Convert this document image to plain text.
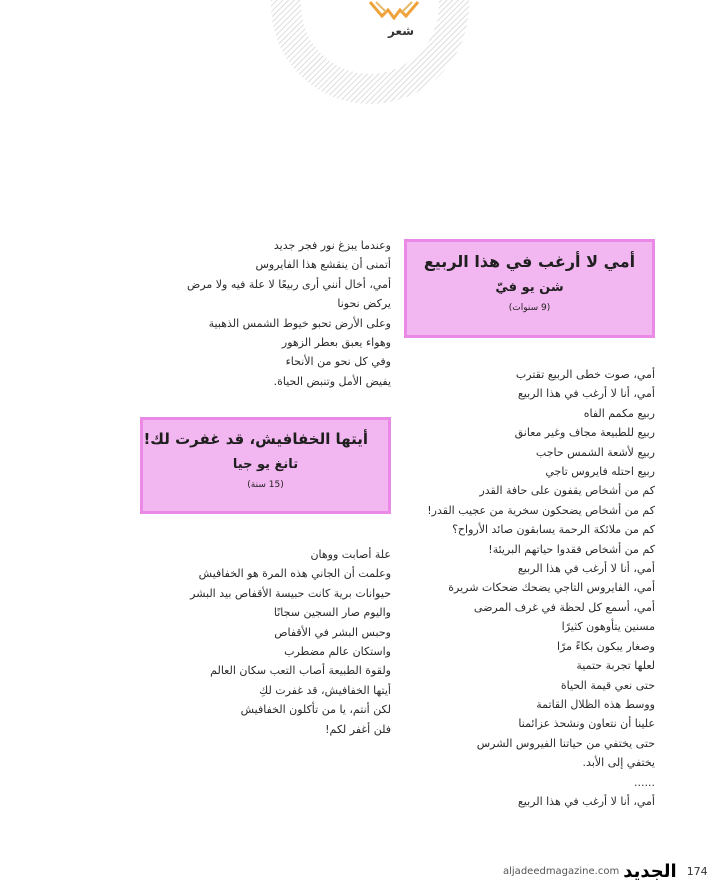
شعر
أمي لا أرغب في هذا الربيع
شن يو فيّ
(9 سنوات)
أمي، صوت خطى الربيع تقترب
أمي، أنا لا أرغب في هذا الربيع
ربيع مكمم الفاه
ربيع للطبيعة مجاف وغير معانق
ربيع لأشعة الشمس حاجب
ربيع احتله فايروس تاجي
كم من أشخاص يقفون على حافة القدر
كم من أشخاص يضحكون سخرية من عجيب القدر!
كم من ملائكة الرحمة يسابقون صائد الأرواح؟
كم من أشخاص فقدوا حياتهم البريئة!
أمي، أنا لا أرغب في هذا الربيع
أمي، الفايروس التاجي يضحك ضحكات شريرة
أمي، أسمع كل لحظة في غرف المرضى
مسنين يتأوهون كثيرًا
وصغار يبكون بكاءً مرًا
لعلها تجربة حتمية
حتى نعي قيمة الحياة
ووسط هذه الظلال القاتمة
علينا أن نتعاون ونشحذ عزائمنا
حتى يختفي من حياتنا الفيروس الشرس
يختفي إلى الأبد.
......
أمي، أنا لا أرغب في هذا الربيع
وعندما يبزغ نور فجر جديد
أتمنى أن ينقشع هذا الفايروس
أمي، أخال أنني أرى ربيعًا لا علة فيه ولا مرض
يركض نحونا
وعلى الأرض تحبو خيوط الشمس الذهبية
وهواء يعبق بعطر الزهور
وفي كل نحو من الأنحاء
يفيض الأمل وتنبض الحياة.
أيتها الخفافيش، قد غفرت لك!
تانغ يو جيا
(15 سنة)
علة أصابت ووهان
وعلمت أن الجاني هذه المرة هو الخفافيش
حيوانات برية كانت حبيسة الأقفاص بيد البشر
واليوم صار السجين سجانًا
وحبس البشر في الأقفاص
واستكان عالم مضطرب
ولقوة الطبيعة أصاب التعب سكان العالم
أيتها الخفافيش، قد غفرت لكِ
لكن أنتم، يا من تأكلون الخفافيش
فلن أغفر لكم!
aljadeedmagazine.com الجديد 174
